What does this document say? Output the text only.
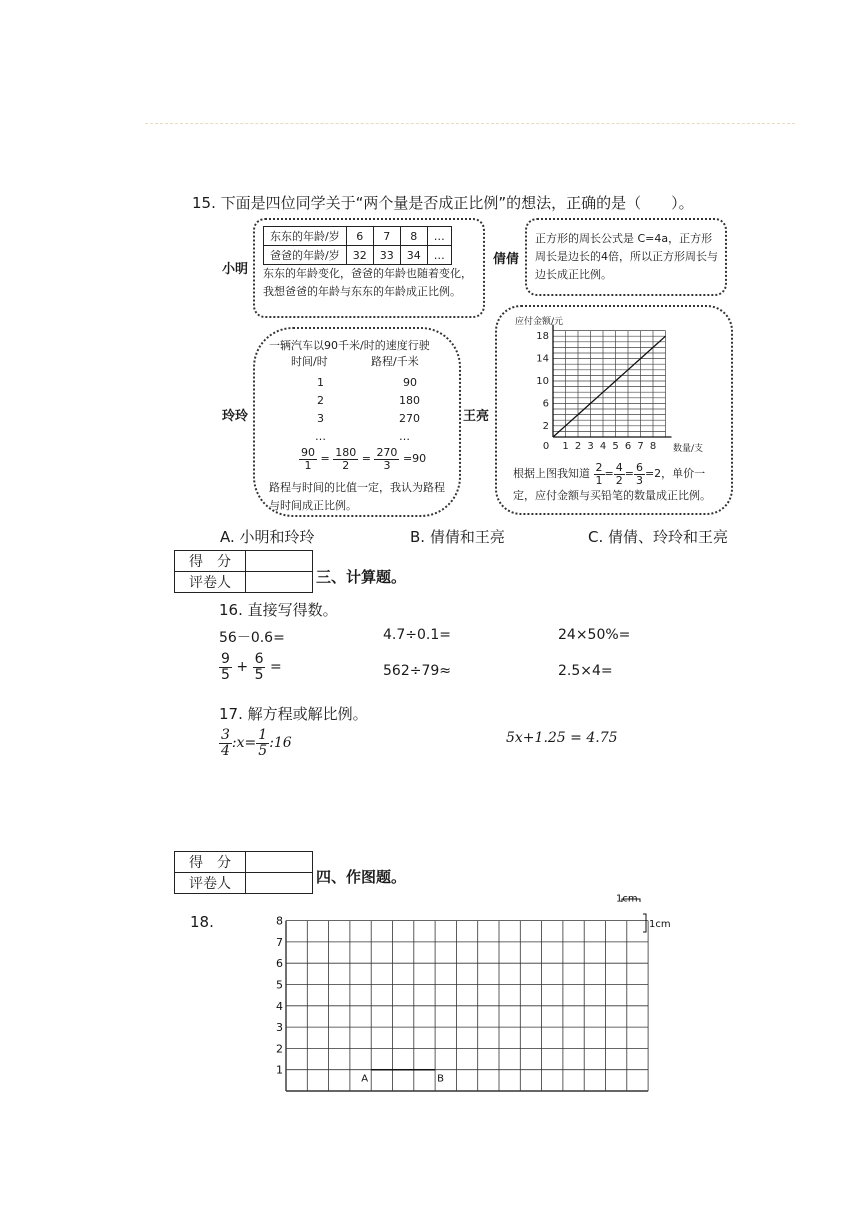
15. 下面是四位同学关于“两个量是否成正比例”的想法，正确的是（　　）。
小明
东东的年龄/岁	6	7	8	…
爸爸的年龄/岁	32	33	34	…
东东的年龄变化，爸爸的年龄也随着变化，我想爸爸的年龄与东东的年龄成正比例。
倩倩
正方形的周长公式是 C=4a，正方形周长是边长的4倍，所以正方形周长与边长成正比例。
玲玲
一辆汽车以90千米/时的速度行驶
时间/时	路程/千米
1	90
2	180
3	270
…	…
$\frac{90}{1} = \frac{180}{2} = \frac{270}{3} =90$
路程与时间的比值一定，我认为路程与时间成正比例。
王亮
2
6
10
14
18
0 1 2 3 4 5 6 7 8
应付金额/元
数量/支
根据上图我知道 $\frac{2}{1} = \frac{4}{2} = \frac{6}{3} =2$，单价一定，应付金额与买铅笔的数量成正比例。
A. 小明和玲玲	B. 倩倩和王亮	C. 倩倩、玲玲和王亮
得　分	
评卷人		三、计算题。
16. 直接写得数。
56－0.6=	4.7÷0.1=	24×50%=
$\frac{9}{5} + \frac{6}{5}$ =	562÷79≈	2.5×4=
17. 解方程或解比例。
$\frac{3}{4}$ :x= $\frac{1}{5}$ :16	5x+1.25 = 4.75
得　分	
评卷人		四、作图题。
18.
1
2
3
4
5
6
7
8
A	B
1cm
1cm
